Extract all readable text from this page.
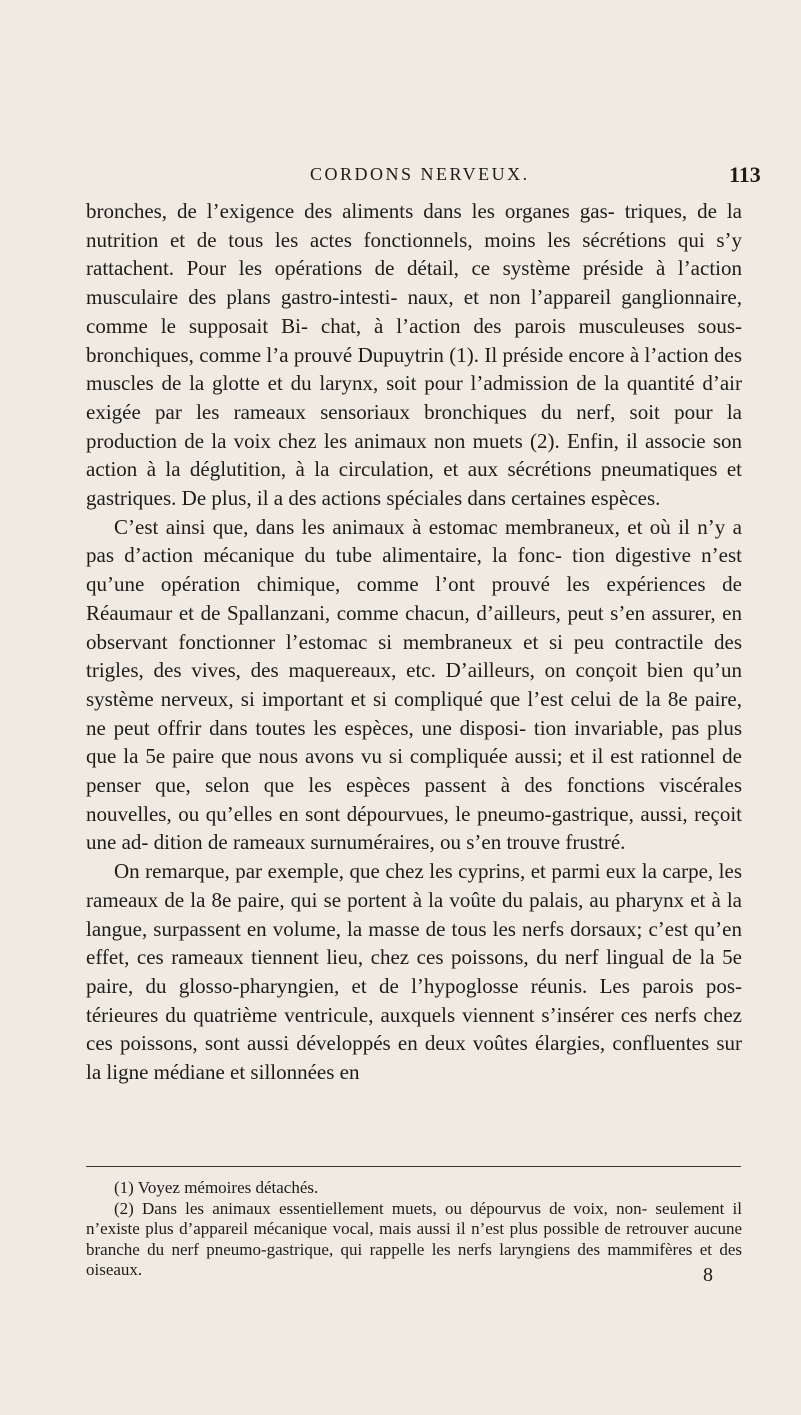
CORDONS NERVEUX.	113

bronches, de l’exigence des aliments dans les organes gas- triques, de la nutrition et de tous les actes fonctionnels, moins les sécrétions qui s’y rattachent. Pour les opérations de détail, ce système préside à l’action musculaire des plans gastro-intesti- naux, et non l’appareil ganglionnaire, comme le supposait Bi- chat, à l’action des parois musculeuses sous-bronchiques, comme l’a prouvé Dupuytrin (1). Il préside encore à l’action des muscles de la glotte et du larynx, soit pour l’admission de la quantité d’air exigée par les rameaux sensoriaux bronchiques du nerf, soit pour la production de la voix chez les animaux non muets (2). Enfin, il associe son action à la déglutition, à la circulation, et aux sécrétions pneumatiques et gastriques. De plus, il a des actions spéciales dans certaines espèces.

C’est ainsi que, dans les animaux à estomac membraneux, et où il n’y a pas d’action mécanique du tube alimentaire, la fonc- tion digestive n’est qu’une opération chimique, comme l’ont prouvé les expériences de Réaumaur et de Spallanzani, comme chacun, d’ailleurs, peut s’en assurer, en observant fonctionner l’estomac si membraneux et si peu contractile des trigles, des vives, des maquereaux, etc. D’ailleurs, on conçoit bien qu’un système nerveux, si important et si compliqué que l’est celui de la 8e paire, ne peut offrir dans toutes les espèces, une disposi- tion invariable, pas plus que la 5e paire que nous avons vu si compliquée aussi; et il est rationnel de penser que, selon que les espèces passent à des fonctions viscérales nouvelles, ou qu’elles en sont dépourvues, le pneumo-gastrique, aussi, reçoit une ad- dition de rameaux surnuméraires, ou s’en trouve frustré.

On remarque, par exemple, que chez les cyprins, et parmi eux la carpe, les rameaux de la 8e paire, qui se portent à la voûte du palais, au pharynx et à la langue, surpassent en volume, la masse de tous les nerfs dorsaux; c’est qu’en effet, ces rameaux tiennent lieu, chez ces poissons, du nerf lingual de la 5e paire, du glosso-pharyngien, et de l’hypoglosse réunis. Les parois pos- térieures du quatrième ventricule, auxquels viennent s’insérer ces nerfs chez ces poissons, sont aussi développés en deux voûtes élargies, confluentes sur la ligne médiane et sillonnées en

(1) Voyez mémoires détachés.

(2) Dans les animaux essentiellement muets, ou dépourvus de voix, non- seulement il n’existe plus d’appareil mécanique vocal, mais aussi il n’est plus possible de retrouver aucune branche du nerf pneumo-gastrique, qui rappelle les nerfs laryngiens des mammifères et des oiseaux.	8
